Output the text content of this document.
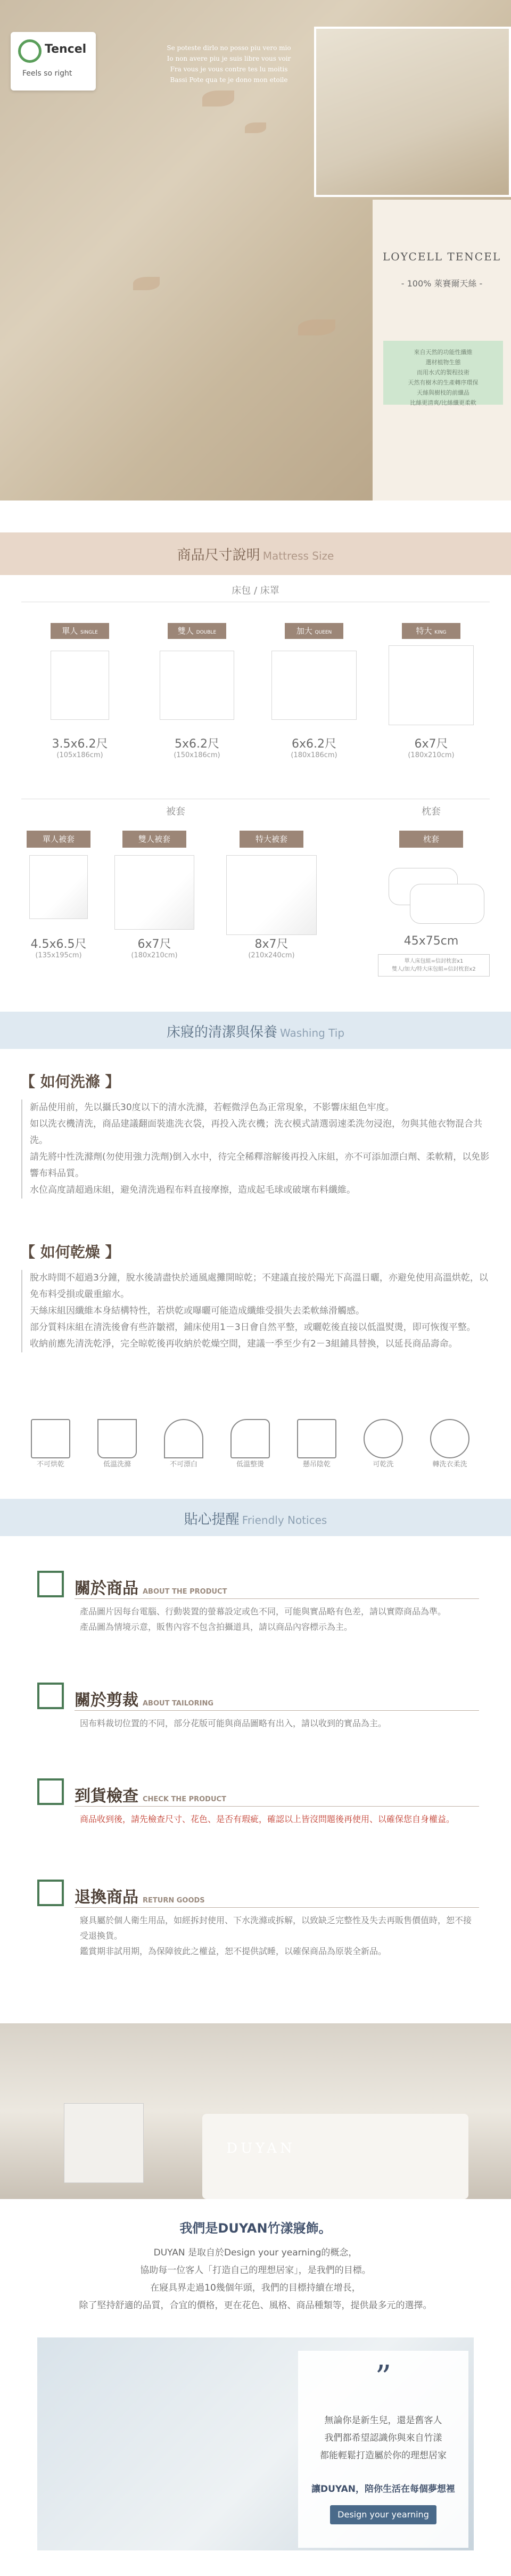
Tencel
Feels so right
Se poteste dirlo no posso piu vero mio
Io non avere piu je suis libre vous voir
Fra vous je vous contre tes lu moitis
Bassi Pote qua te je dono mon etoile
LOYCELL TENCEL
- 100% 萊賽爾天絲 -
來自天然的功能性纖維
選材植物生態
而用水式的製程技術
天然有樹木的生產轉序環保
天絲與樹枝的前纖品
比絲更清爽/比絲纖更柔軟
商品尺寸說明 Mattress Size
床包 / 床罩
單人 SINGLE
3.5x6.2尺
(105x186cm)
雙人 DOUBLE
5x6.2尺
(150x186cm)
加大 QUEEN
6x6.2尺
(180x186cm)
特大 KING
6x7尺
(180x210cm)
被套	枕套
單人被套
4.5x6.5尺
(135x195cm)
雙人被套
6x7尺
(180x210cm)
特大被套
8x7尺
(210x240cm)
枕套
45x75cm
單人床包組=信封枕套x1
雙人/加大/特大床包組=信封枕套x2
床寢的清潔與保養 Washing Tip
【 如何洗滌 】
新品使用前，先以攝氏30度以下的清水洗滌，若輕微浮色為正常現象，不影響床組色牢度。
如以洗衣機清洗，商品建議翻面裝進洗衣袋，再投入洗衣機；洗衣模式請選弱速柔洗勿浸泡，勿與其他衣物混合共洗。
請先將中性洗滌劑(勿使用強力洗劑)倒入水中，待完全稀釋溶解後再投入床組，亦不可添加漂白劑、柔軟精，以免影響布料品質。
水位高度請超過床組，避免清洗過程布料直接摩擦，造成起毛球或破壞布料纖維。
【 如何乾燥 】
脫水時間不超過3分鐘，脫水後請盡快於通風處攤開晾乾；不建議直接於陽光下高溫日曬，亦避免使用高溫烘乾，以免布料受損或嚴重縮水。
天絲床組因纖維本身結構特性，若烘乾或曝曬可能造成纖維受損失去柔軟絲滑觸感。
部分質料床組在清洗後會有些許皺褶，鋪床使用1－3日會自然平整，或曬乾後直接以低溫熨燙，即可恢復平整。
收納前應先清洗乾淨，完全晾乾後再收納於乾燥空間，建議一季至少有2－3組鋪具替換，以延長商品壽命。
不可烘乾	低溫洗滌	不可漂白	低溫整燙	懸吊陰乾	可乾洗	轉洗衣柔洗
貼心提醒 Friendly Notices
關於商品 ABOUT THE PRODUCT
產品圖片因每台電腦、行動裝置的螢幕設定或色不同，可能與實品略有色差，請以實際商品為準。
產品圖為情境示意，販售內容不包含拍攝道具，請以商品內容標示為主。
關於剪裁 ABOUT TAILORING
因布料裁切位置的不同，部分花版可能與商品圖略有出入，請以收到的實品為主。
到貨檢查 CHECK THE PRODUCT
商品收到後，請先檢查尺寸、花色、是否有瑕疵，確認以上皆沒問題後再使用、以確保您自身權益。
退換商品 RETURN GOODS
寢具屬於個人衛生用品，如經拆封使用、下水洗滌或拆解，以致缺乏完整性及失去再販售價值時，恕不接受退換貨。
鑑賞期非試用期，為保障彼此之權益，恕不提供試睡，以確保商品為原裝全新品。
DUYAN
我們是DUYAN竹漾寢飾。
DUYAN 是取自於Design your yearning的概念，
協助每一位客人「打造自己的理想居家」，是我們的目標。
在寢具界走過10幾個年頭，我們的目標持續在增長，
除了堅持舒適的品質，合宜的價格，更在花色、風格、商品種類等，提供最多元的選擇。
”
無論你是新生兒，還是舊客人
我們都希望認識你與來自竹漾
都能輕鬆打造屬於你的理想居家
讓DUYAN，陪你生活在每個夢想裡
Design your yearning
